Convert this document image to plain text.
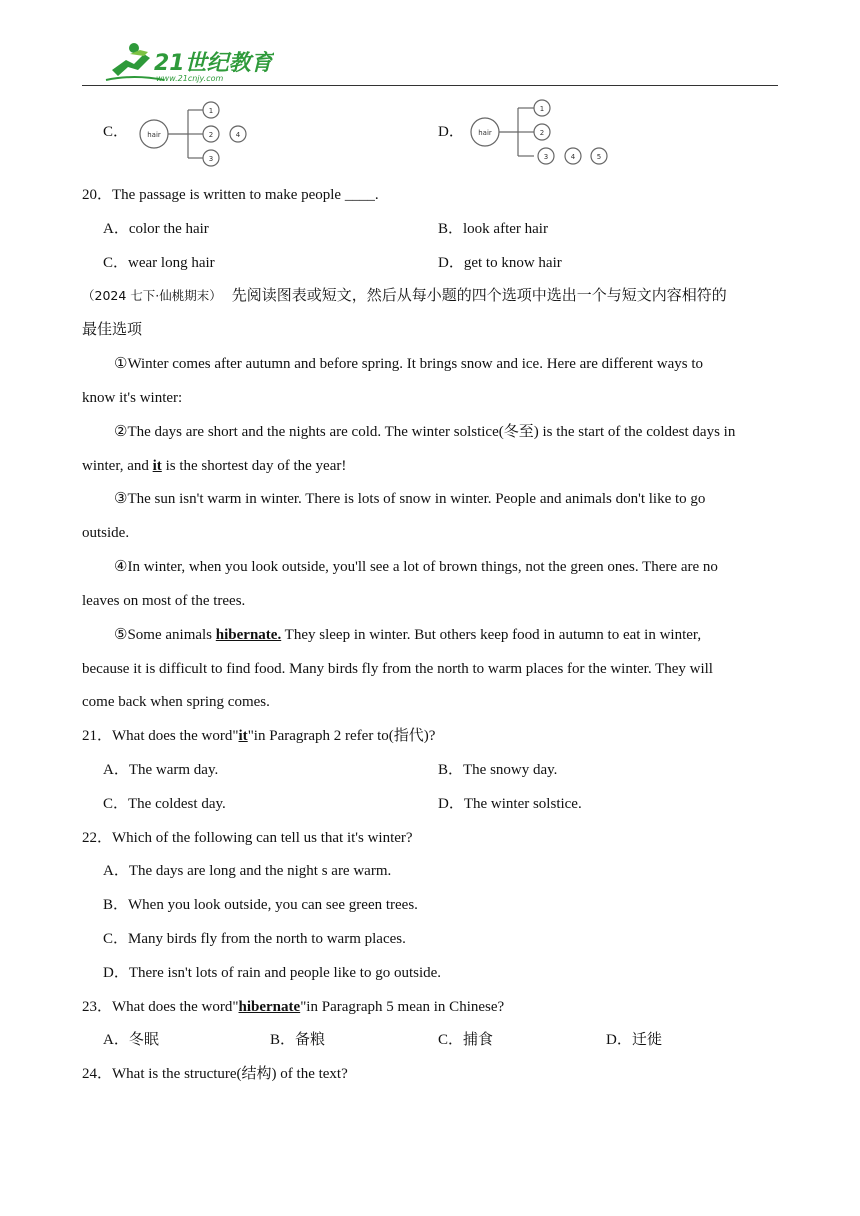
21世纪教育
www.21cnjy.com
C．	hair
1
2	4
3
D． hair
1
2
3	4	5
20．The passage is written to make people ____.
A．color the hair	B．look after hair
C．wear long hair	D．get to know hair
（2024 七下·仙桃期末） 先阅读图表或短文，然后从每小题的四个选项中选出一个与短文内容相符的
最佳选项
①Winter comes after autumn and before spring. It brings snow and ice. Here are different ways to
know it's winter:
②The days are short and the nights are cold. The winter solstice(冬至) is the start of the coldest days in
winter, and it is the shortest day of the year!
③The sun isn't warm in winter. There is lots of snow in winter. People and animals don't like to go
outside.
④In winter, when you look outside, you'll see a lot of brown things, not the green ones. There are no
leaves on most of the trees.
⑤Some animals hibernate. They sleep in winter. But others keep food in autumn to eat in winter,
because it is difficult to find food. Many birds fly from the north to warm places for the winter. They will
come back when spring comes.
21．What does the word"it"in Paragraph 2 refer to(指代)?
A．The warm day.	B．The snowy day.
C．The coldest day.	D．The winter solstice.
22．Which of the following can tell us that it's winter?
A．The days are long and the night s are warm.
B．When you look outside, you can see green trees.
C．Many birds fly from the north to warm places.
D．There isn't lots of rain and people like to go outside.
23．What does the word"hibernate"in Paragraph 5 mean in Chinese?
A．冬眠	B．备粮	C．捕食	D．迁徙
24．What is the structure(结构) of the text?
